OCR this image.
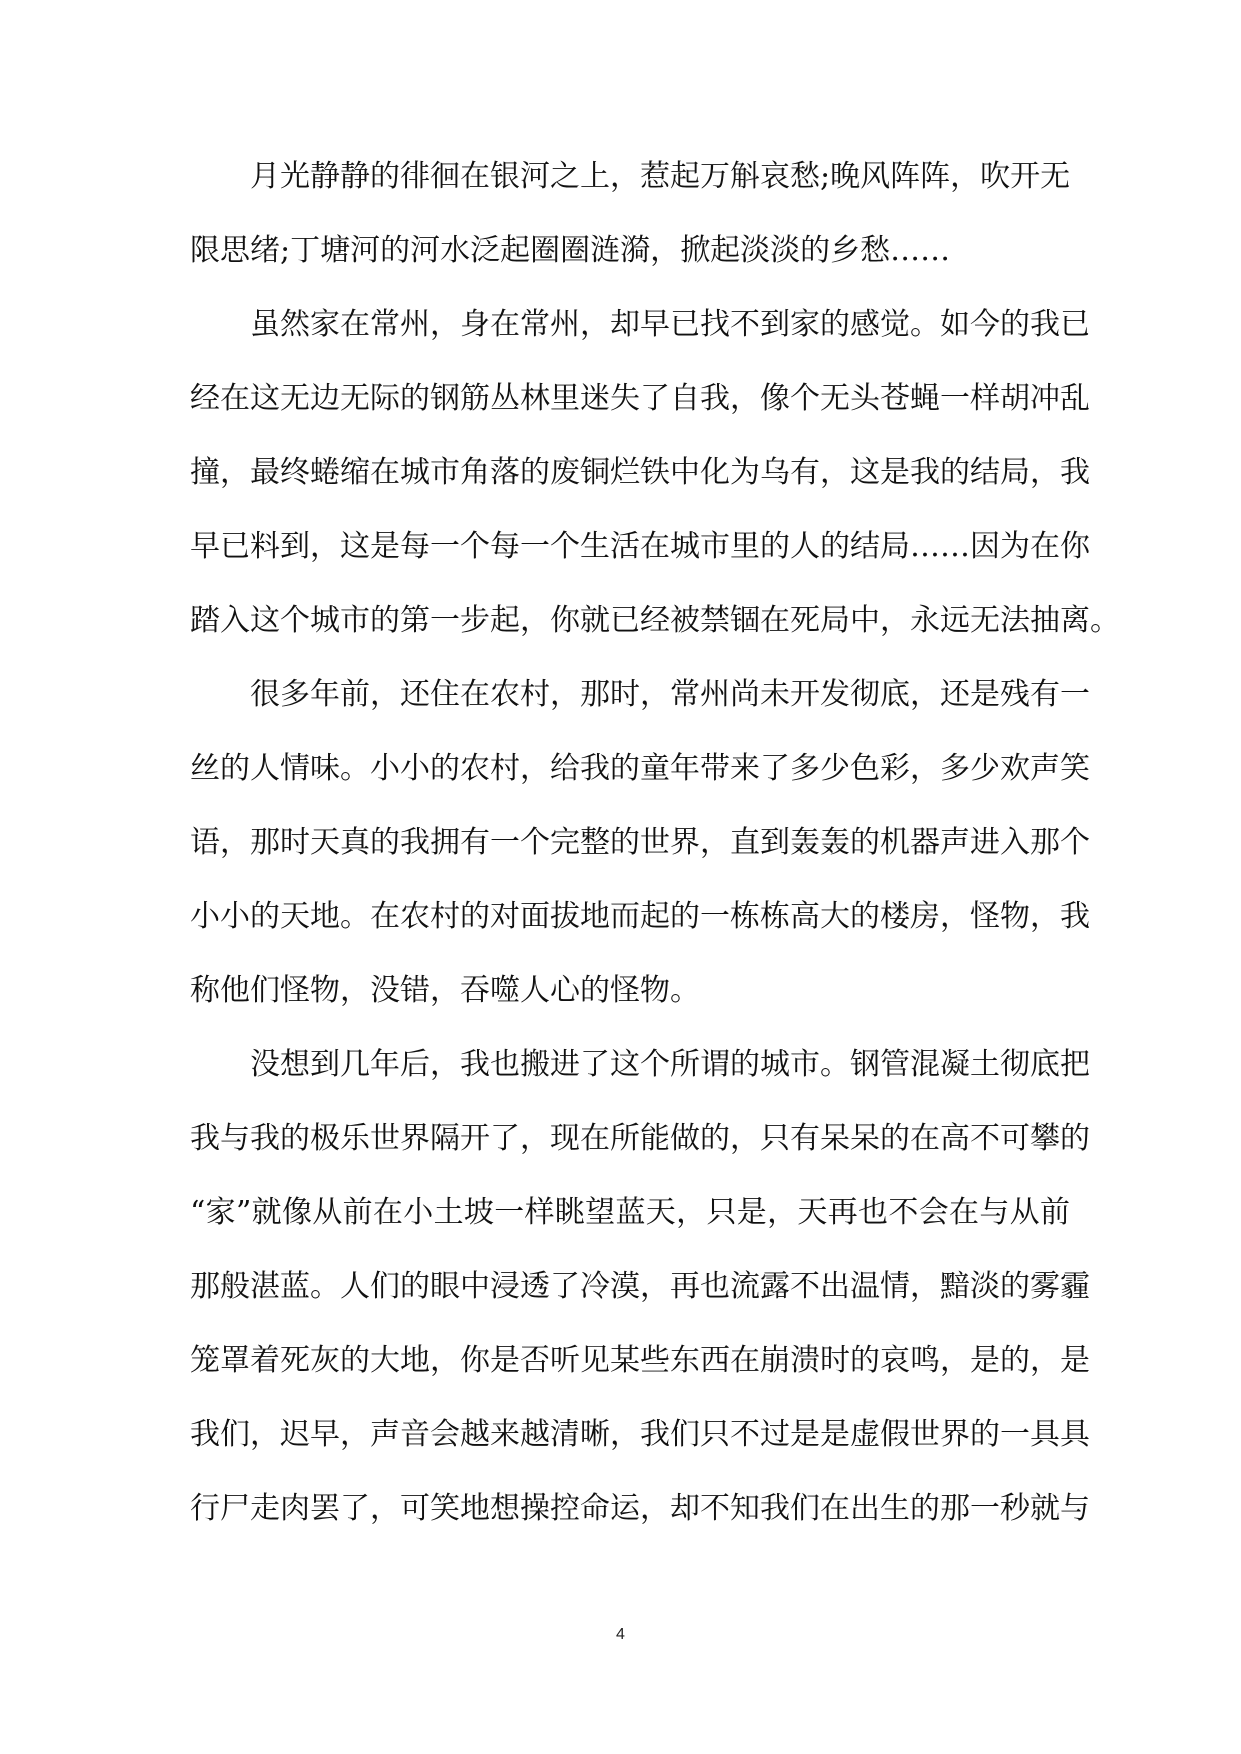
月光静静的徘徊在银河之上，惹起万斛哀愁;晚风阵阵，吹开无
限思绪;丁塘河的河水泛起圈圈涟漪，掀起淡淡的乡愁……
虽然家在常州，身在常州，却早已找不到家的感觉。如今的我已
经在这无边无际的钢筋丛林里迷失了自我，像个无头苍蝇一样胡冲乱
撞，最终蜷缩在城市角落的废铜烂铁中化为乌有，这是我的结局，我
早已料到，这是每一个每一个生活在城市里的人的结局……因为在你
踏入这个城市的第一步起，你就已经被禁锢在死局中，永远无法抽离。
很多年前，还住在农村，那时，常州尚未开发彻底，还是残有一
丝的人情味。小小的农村，给我的童年带来了多少色彩，多少欢声笑
语，那时天真的我拥有一个完整的世界，直到轰轰的机器声进入那个
小小的天地。在农村的对面拔地而起的一栋栋高大的楼房，怪物，我
称他们怪物，没错，吞噬人心的怪物。
没想到几年后，我也搬进了这个所谓的城市。钢管混凝土彻底把
我与我的极乐世界隔开了，现在所能做的，只有呆呆的在高不可攀的
“家”就像从前在小土坡一样眺望蓝天，只是，天再也不会在与从前
那般湛蓝。人们的眼中浸透了冷漠，再也流露不出温情，黯淡的雾霾
笼罩着死灰的大地，你是否听见某些东西在崩溃时的哀鸣，是的，是
我们，迟早，声音会越来越清晰，我们只不过是是虚假世界的一具具
行尸走肉罢了，可笑地想操控命运，却不知我们在出生的那一秒就与
4
